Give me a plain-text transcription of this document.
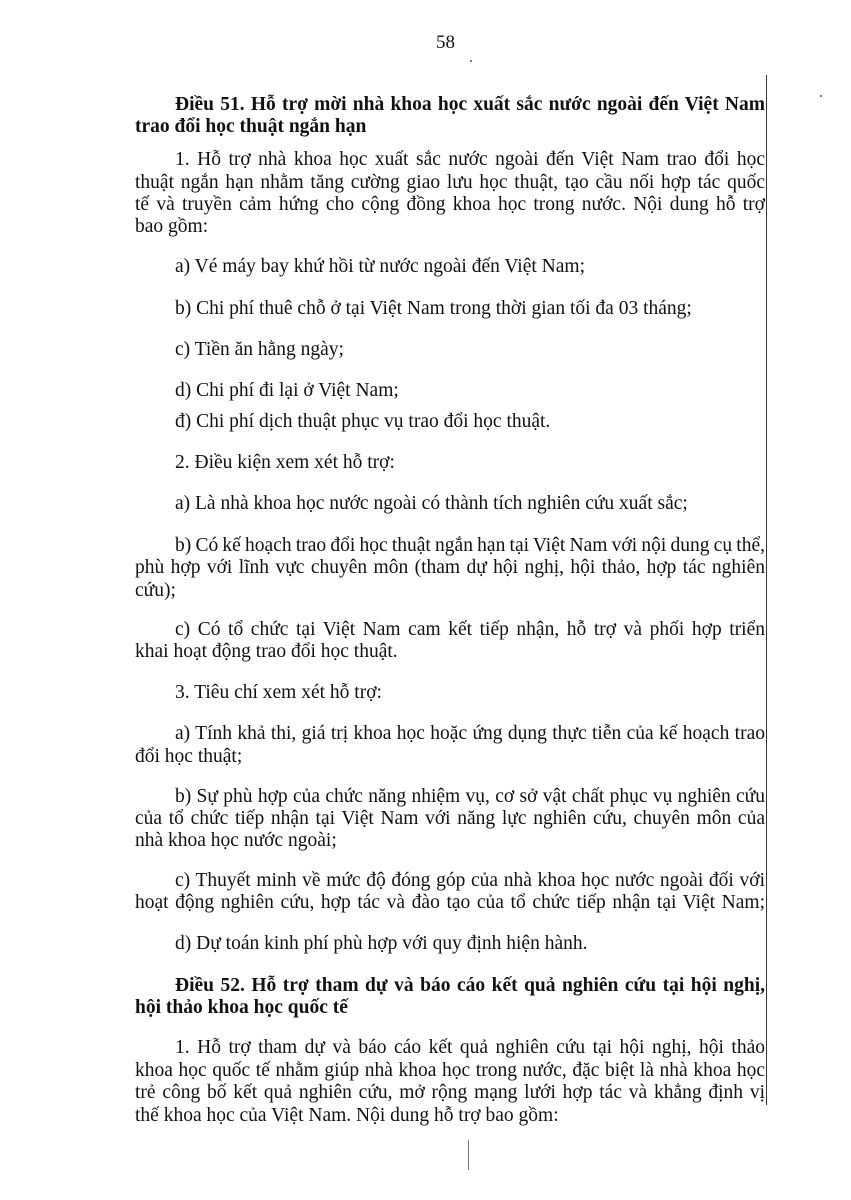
58
Điều 51. Hỗ trợ mời nhà khoa học xuất sắc nước ngoài đến Việt Nam
trao đổi học thuật ngắn hạn
1. Hỗ trợ nhà khoa học xuất sắc nước ngoài đến Việt Nam trao đổi học
thuật ngắn hạn nhằm tăng cường giao lưu học thuật, tạo cầu nối hợp tác quốc
tế và truyền cảm hứng cho cộng đồng khoa học trong nước. Nội dung hỗ trợ
bao gồm:
a) Vé máy bay khứ hồi từ nước ngoài đến Việt Nam;
b) Chi phí thuê chỗ ở tại Việt Nam trong thời gian tối đa 03 tháng;
c) Tiền ăn hằng ngày;
d) Chi phí đi lại ở Việt Nam;
đ) Chi phí dịch thuật phục vụ trao đổi học thuật.
2. Điều kiện xem xét hỗ trợ:
a) Là nhà khoa học nước ngoài có thành tích nghiên cứu xuất sắc;
b) Có kế hoạch trao đổi học thuật ngắn hạn tại Việt Nam với nội dung cụ thể,
phù hợp với lĩnh vực chuyên môn (tham dự hội nghị, hội thảo, hợp tác nghiên
cứu);
c) Có tổ chức tại Việt Nam cam kết tiếp nhận, hỗ trợ và phối hợp triển
khai hoạt động trao đổi học thuật.
3. Tiêu chí xem xét hỗ trợ:
a) Tính khả thi, giá trị khoa học hoặc ứng dụng thực tiễn của kế hoạch trao
đổi học thuật;
b) Sự phù hợp của chức năng nhiệm vụ, cơ sở vật chất phục vụ nghiên cứu
của tổ chức tiếp nhận tại Việt Nam với năng lực nghiên cứu, chuyên môn của
nhà khoa học nước ngoài;
c) Thuyết minh về mức độ đóng góp của nhà khoa học nước ngoài đối với
hoạt động nghiên cứu, hợp tác và đào tạo của tổ chức tiếp nhận tại Việt Nam;
d) Dự toán kinh phí phù hợp với quy định hiện hành.
Điều 52. Hỗ trợ tham dự và báo cáo kết quả nghiên cứu tại hội nghị,
hội thảo khoa học quốc tế
1. Hỗ trợ tham dự và báo cáo kết quả nghiên cứu tại hội nghị, hội thảo
khoa học quốc tế nhằm giúp nhà khoa học trong nước, đặc biệt là nhà khoa học
trẻ công bố kết quả nghiên cứu, mở rộng mạng lưới hợp tác và khẳng định vị
thế khoa học của Việt Nam. Nội dung hỗ trợ bao gồm:
